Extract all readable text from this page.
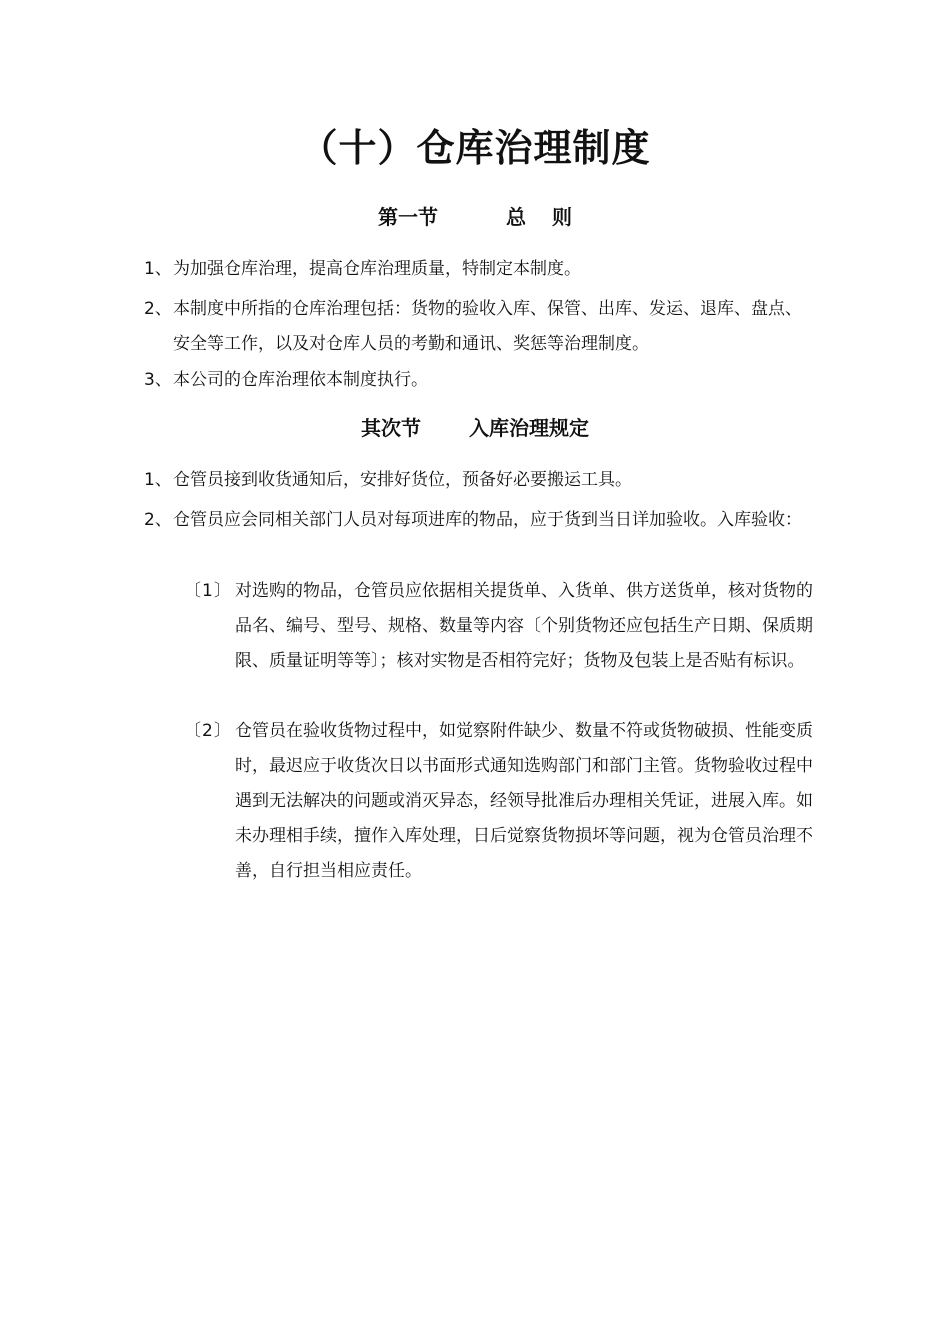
（十）仓库治理制度
第一节	总 则
1、 为加强仓库治理，提高仓库治理质量，特制定本制度。
2、 本制度中所指的仓库治理包括：货物的验收入库、保管、出库、发运、退库、盘点、安全等工作，以及对仓库人员的考勤和通讯、奖惩等治理制度。
3、 本公司的仓库治理依本制度执行。
其次节 入库治理规定
1、 仓管员接到收货通知后，安排好货位，预备好必要搬运工具。
2、 仓管员应会同相关部门人员对每项进库的物品，应于货到当日详加验收。入库验收：
〔1〕 对选购的物品，仓管员应依据相关提货单、入货单、供方送货单，核对货物的品名、编号、型号、规格、数量等内容〔个别货物还应包括生产日期、保质期限、质量证明等等〕；核对实物是否相符完好；货物及包装上是否贴有标识。
〔2〕 仓管员在验收货物过程中，如觉察附件缺少、数量不符或货物破损、性能变质时，最迟应于收货次日以书面形式通知选购部门和部门主管。货物验收过程中遇到无法解决的问题或消灭异态，经领导批准后办理相关凭证，进展入库。如未办理相手续，擅作入库处理，日后觉察货物损坏等问题，视为仓管员治理不善，自行担当相应责任。
